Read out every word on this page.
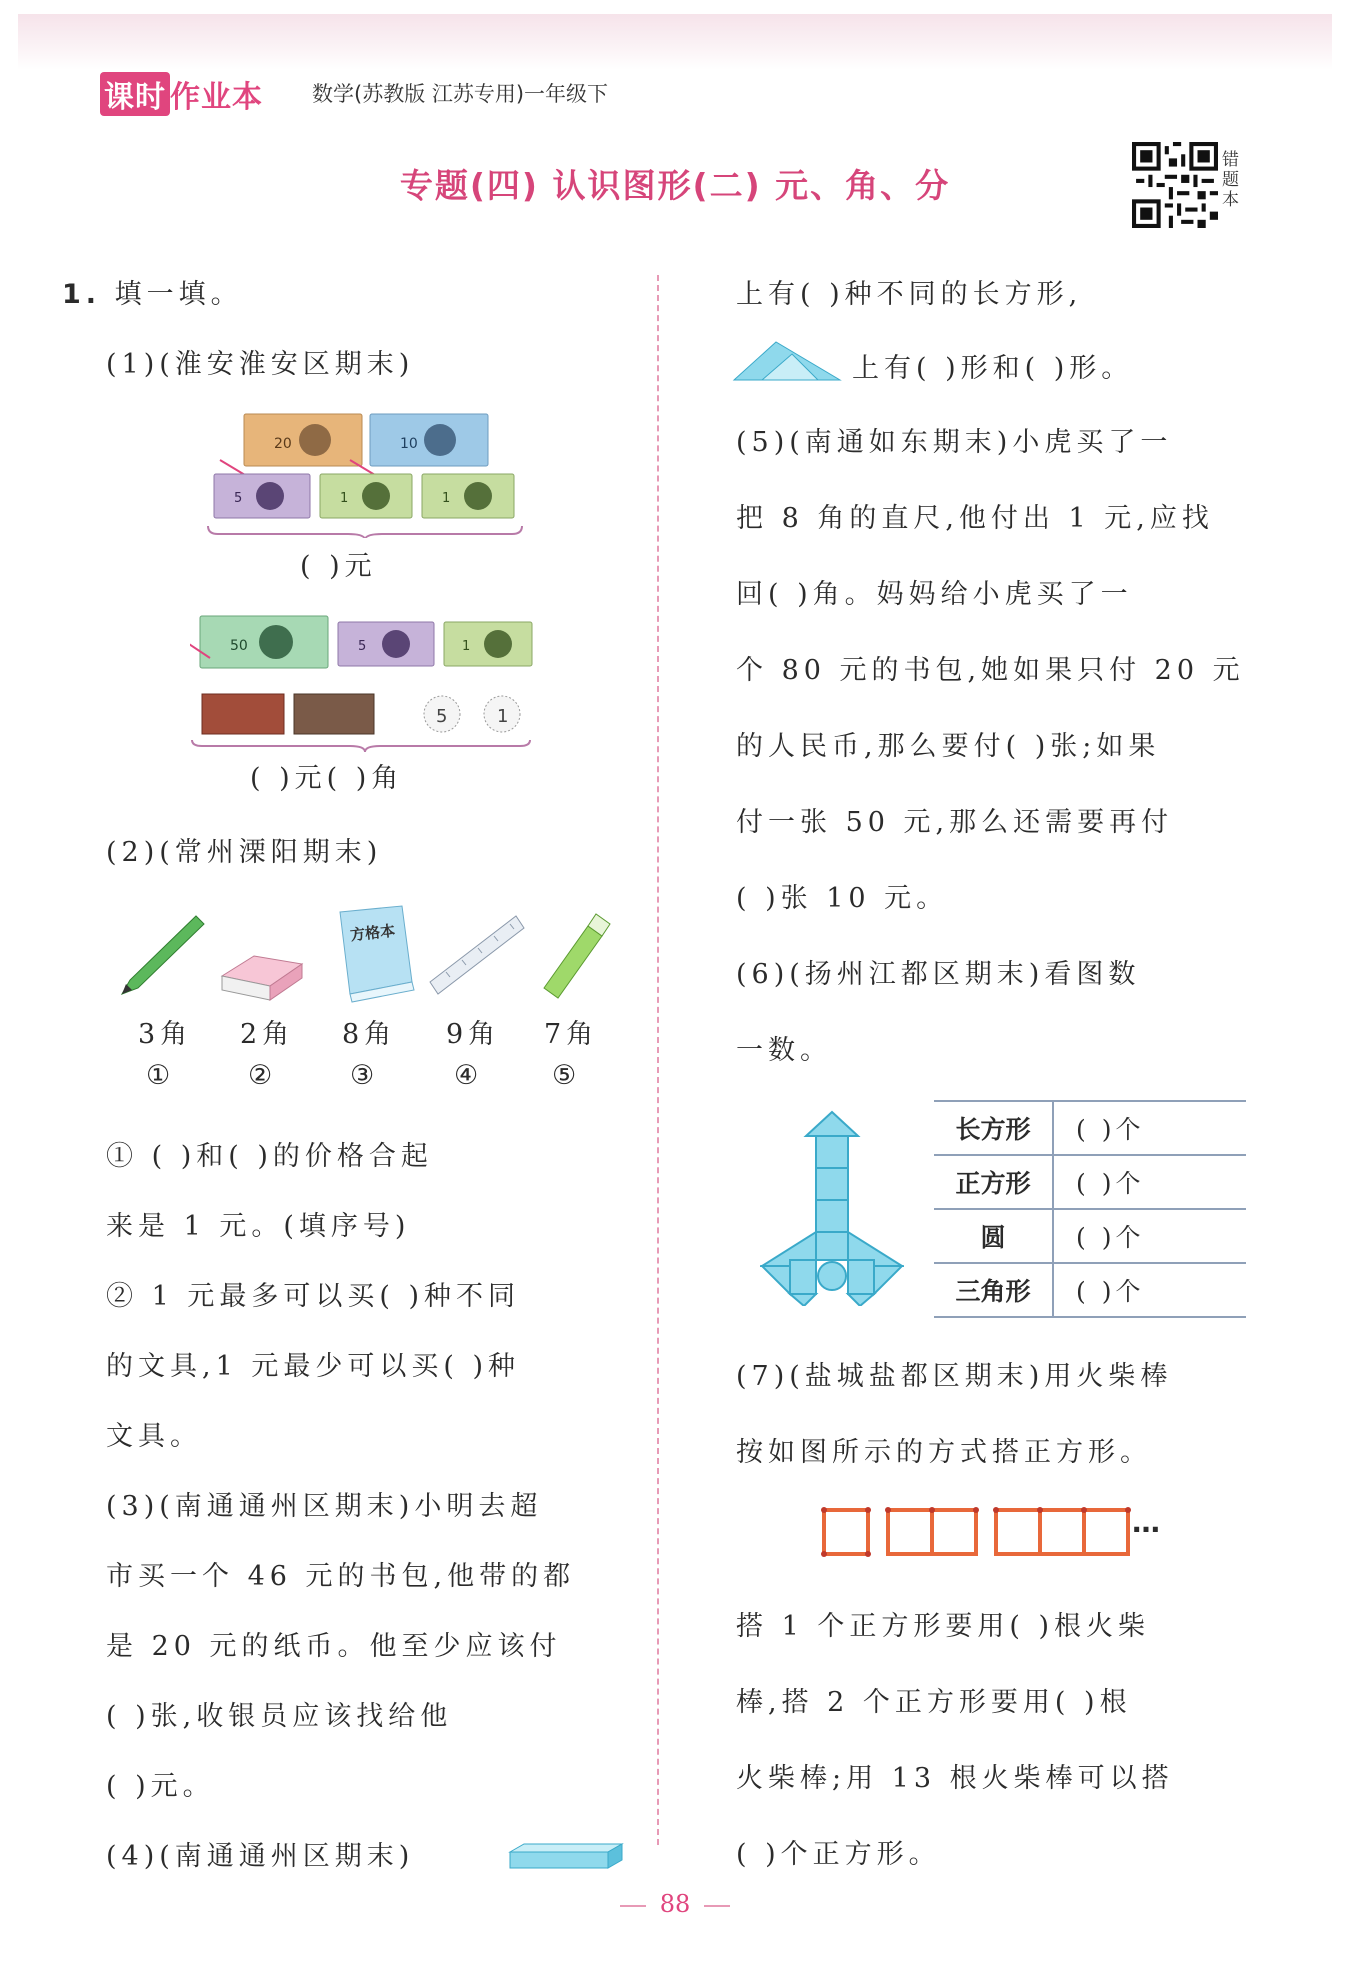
课时 作业本 数学(苏教版 江苏专用)一年级下
专题(四) 认识图形(二) 元、角、分
错题本
1. 填一填。
(1)(淮安淮安区期末)
20	10
5	1	1
( )元
50	5	1
5	1
( )元( )角
(2)(常州溧阳期末)
方格本
3角 2角 8角 9角 7角
①	②	③	④	⑤
① ( )和( )的价格合起
来是 1 元。(填序号)
② 1 元最多可以买( )种不同
的文具,1 元最少可以买( )种
文具。
(3)(南通通州区期末)小明去超
市买一个 46 元的书包,他带的都
是 20 元的纸币。他至少应该付
( )张,收银员应该找给他
( )元。
(4)(南通通州区期末)
上有( )种不同的长方形,
上有( )形和( )形。
(5)(南通如东期末)小虎买了一
把 8 角的直尺,他付出 1 元,应找
回( )角。妈妈给小虎买了一
个 80 元的书包,她如果只付 20 元
的人民币,那么要付( )张;如果
付一张 50 元,那么还需要再付
( )张 10 元。
(6)(扬州江都区期末)看图数
一数。
长方形	( )个
正方形	( )个
圆	( )个
三角形	( )个
(7)(盐城盐都区期末)用火柴棒
按如图所示的方式搭正方形。
…
搭 1 个正方形要用( )根火柴
棒,搭 2 个正方形要用( )根
火柴棒;用 13 根火柴棒可以搭
( )个正方形。
88
